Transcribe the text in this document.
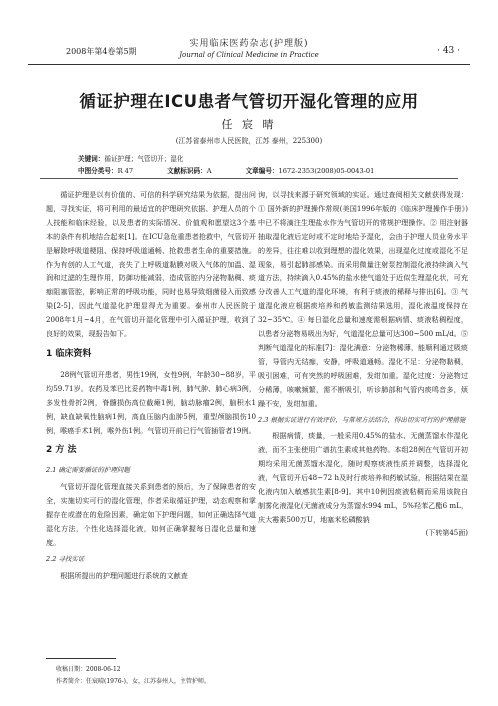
2008年第4卷第5期
实用临床医药杂志(护理版)
Journal of Clinical Medicine in Practice	· 43 ·
循证护理在ICU患者气管切开湿化管理的应用
任 宸 晴
(江苏省泰州市人民医院，江苏 泰州，225300)
关键词：循证护理；气管切开；湿化
中图分类号：R 47	文献标识码：A	文章编号：1672-2353(2008)05-0043-01

循证护理是以有价值的、可信的科学研究结果为依据，提出问题，寻找实证，将可利用的最适宜的护理研究依据、护理人员的个人技能和临床经验，以及患者的实际情况、价值观和愿望这3个基本的条件有机地结合起来[1]。在ICU急危重患者抢救中，气管切开是解除呼吸道梗阻、保持呼吸道通畅、抢救患者生命的重要措施。作为有创的人工气道，丧失了上呼吸道黏膜对吸入气体的加温、湿润和过滤的生理作用，防御功能减弱，造成管腔内分泌物黏稠、痰痂阻塞管腔，影响正常的呼吸功能，同时也易导致细菌侵入而致感染[2-5]，因此气道湿化护理显得尤为重要。泰州市人民医院于2008年1月~4月，在气管切开湿化管理中引入循证护理，收到了良好的效果，现报告如下。

1 临床资料

28例气管切开患者，男性19例，女性9例，年龄30~88岁，平均59.71岁。农药及苯巴比妥药物中毒1例，肺气肿、肺心病3例，多发性骨折2例，脊髓损伤高位截瘫1例，脑动脉瘤2例，脑积水1例，缺血缺氧性脑病1例，高血压脑内血肿5例，重型颅脑损伤10例，喉癌手术1例，喉外伤1例。气管切开前已行气管插管者19例。

2 方 法
2.1 确定需要循证的护理问题

气管切开湿化管理直接关系到患者的预后，为了保障患者的安全，实施切实可行的湿化管理，作者采取循证护理，动态观察和掌握存在或潜在的危险因素，确定如下护理问题，如何正确选择气道湿化方法，个性化选择湿化液，如何正确掌握每日湿化总量和速度。

2.2 寻找实证

根据所提出的护理问题进行系统的文献查

询，以寻找来源于研究领域的实证。通过查阅相关文献获得发现：① 国外新的护理操作常规(美国1996年版的《临床护理操作手册》)中已不将滴注生理盐水作为气管切开的常规护理操作。② 用注射器抽取湿化液后定时或不定时地给予湿化，会由于护理人员业务水平的差异，往往难以收到理想的湿化效果，出现湿化过度或湿化不足现象，易引起肺部感染。而采用微量注射泵控制湿化液持续滴入气道方法，持续滴入0.45%的盐水使气道处于近似生理湿化状，可充分改善人工气道的湿化环境，有利于痰液的稀释与排出[6]。③ 气道湿化液应根据痰培养和药敏监测结果选用，湿化液温度保持在32~35℃。④ 每日湿化总量和速度需根据病情、痰液粘稠程度，以患者分泌物易吸出为好，气道湿化总量可达300~500 mL/d。⑤ 判断气道湿化的标准[7]：湿化满意：分泌物稀薄，能顺利通过吸痰管，导管内无结痂，安静，呼吸道通畅。湿化不足：分泌物黏稠，吸引困难，可有突然的呼吸困难，发绀加重。湿化过度：分泌物过分稀薄，咳嗽频繁，需不断吸引，听诊肺部和气管内痰鸣音多，烦躁不安，发绀加重。

2.3 根据实证进行有效评价，与常规方法结合，得出切实可行的护理措施

根据病情，痰量，一般采用0.45%的盐水、无菌蒸馏水作湿化液，而不主张使用广谱抗生素或其他药物。本组28例在气管切开初期均采用无菌蒸馏水湿化，随时观察痰液性质并调整，选择湿化液，气管切开后48~72 h及时行痰培养和药敏试验，根据结果在湿化液内加入敏感抗生素[8-9]。其中10例因痰液粘稠而采用该院自制雾化液湿化(无菌液成分为蒸馏水994 mL，5%羟苯乙酯6 mL，庆大霉素500万U，地塞米松磷酸钠

(下转第45面)
收稿日期：2008-06-12
作者简介：任宸晴(1976-)，女，江苏泰州人，主管护师。
